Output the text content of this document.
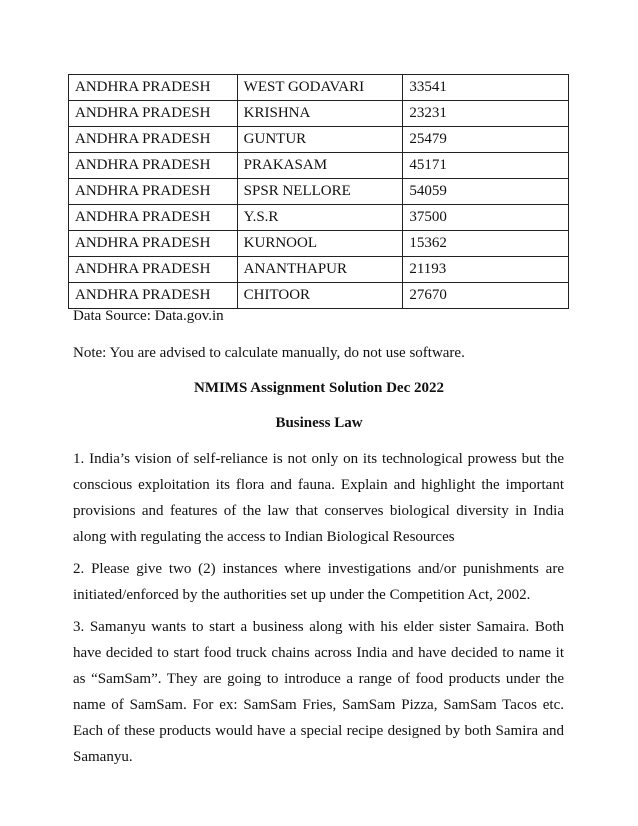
ANDHRA PRADESH	WEST GODAVARI	33541
ANDHRA PRADESH	KRISHNA	23231
ANDHRA PRADESH	GUNTUR	25479
ANDHRA PRADESH	PRAKASAM	45171
ANDHRA PRADESH	SPSR NELLORE	54059
ANDHRA PRADESH	Y.S.R	37500
ANDHRA PRADESH	KURNOOL	15362
ANDHRA PRADESH	ANANTHAPUR	21193
ANDHRA PRADESH	CHITOOR	27670
Data Source: Data.gov.in
Note: You are advised to calculate manually, do not use software.
NMIMS Assignment Solution Dec 2022
Business Law
1. India’s vision of self-reliance is not only on its technological prowess but the conscious exploitation its flora and fauna. Explain and highlight the important provisions and features of the law that conserves biological diversity in India along with regulating the access to Indian Biological Resources
2. Please give two (2) instances where investigations and/or punishments are initiated/enforced by the authorities set up under the Competition Act, 2002.
3. Samanyu wants to start a business along with his elder sister Samaira. Both have decided to start food truck chains across India and have decided to name it as “SamSam”. They are going to introduce a range of food products under the name of SamSam. For ex: SamSam Fries, SamSam Pizza, SamSam Tacos etc. Each of these products would have a special recipe designed by both Samira and Samanyu.
